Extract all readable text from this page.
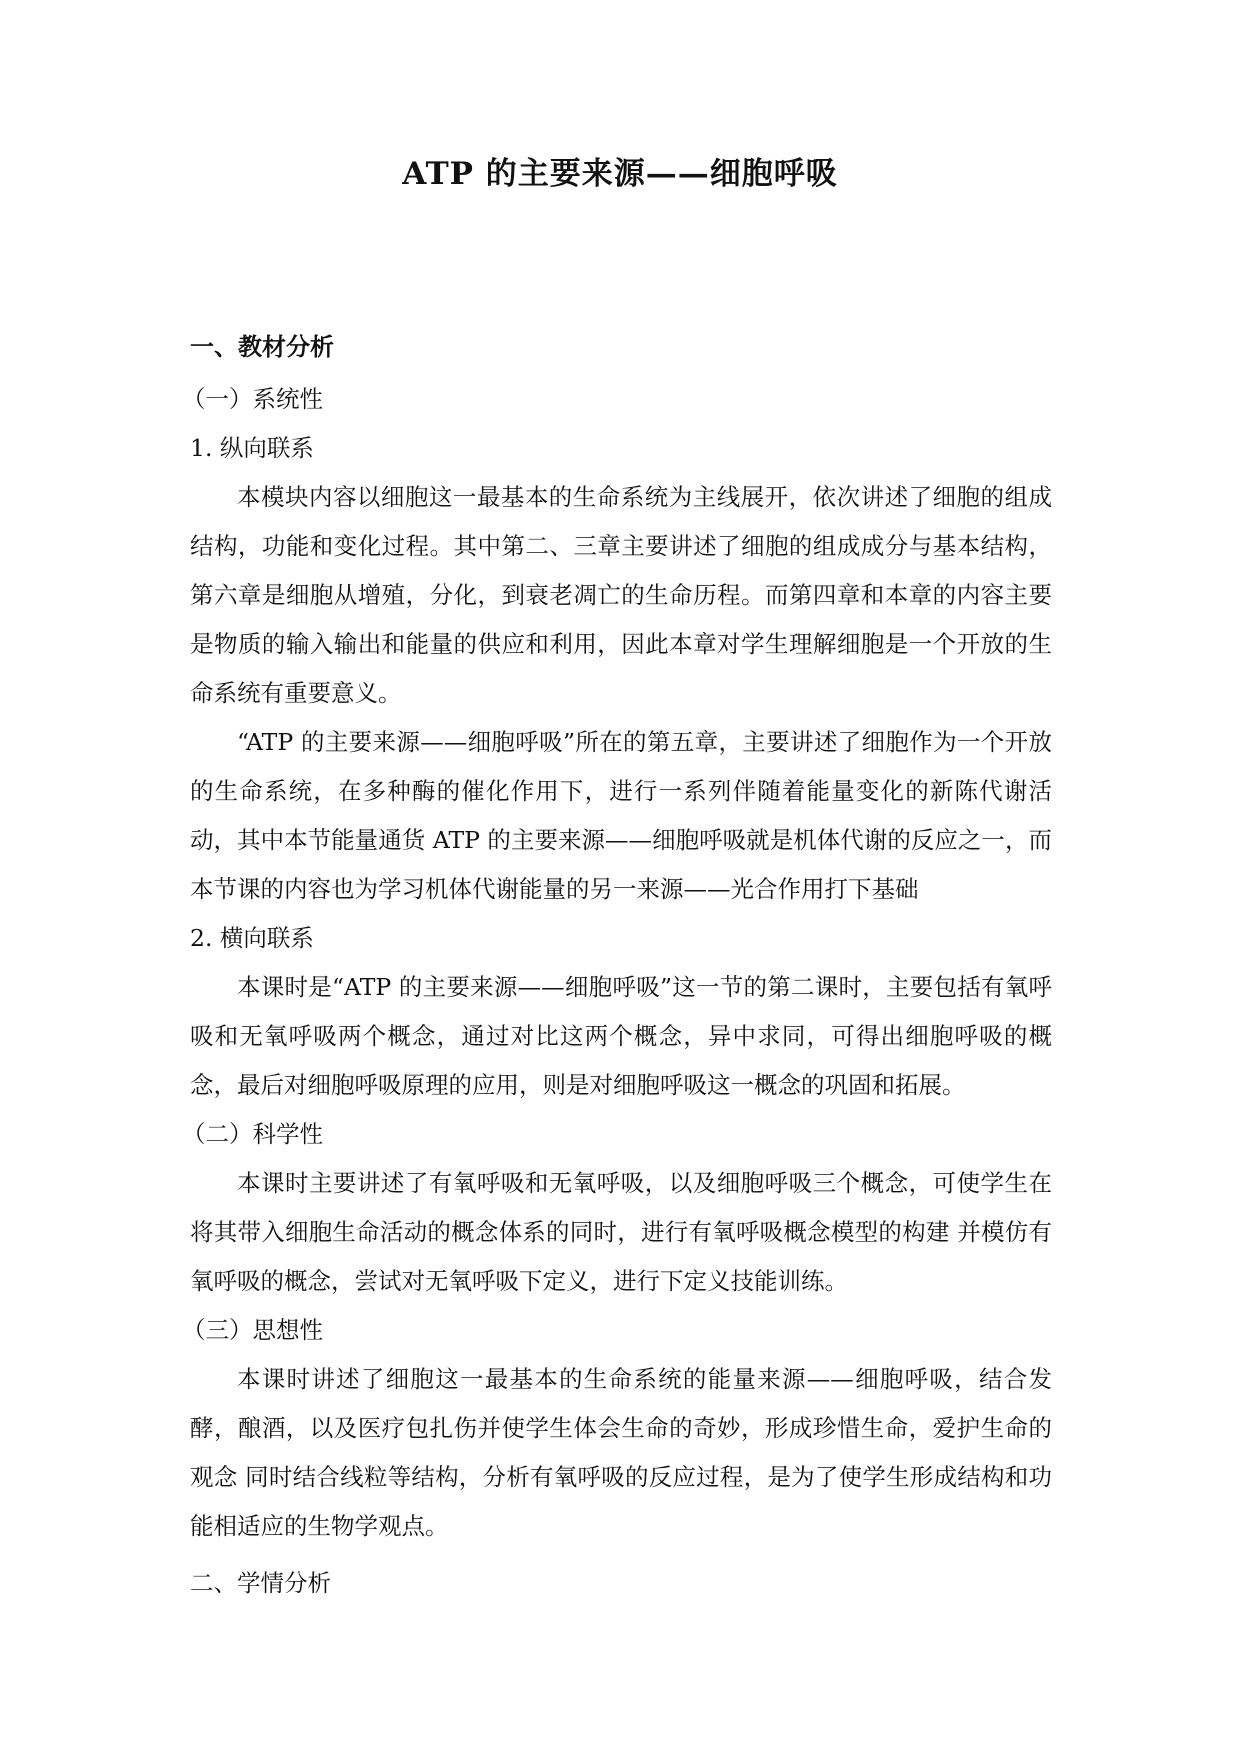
ATP 的主要来源——细胞呼吸

一、教材分析

（一）系统性

1. 纵向联系

本模块内容以细胞这一最基本的生命系统为主线展开，依次讲述了细胞的组成结构，功能和变化过程。其中第二、三章主要讲述了细胞的组成成分与基本结构，第六章是细胞从增殖，分化，到衰老凋亡的生命历程。而第四章和本章的内容主要是物质的输入输出和能量的供应和利用，因此本章对学生理解细胞是一个开放的生命系统有重要意义。

“ATP 的主要来源——细胞呼吸”所在的第五章，主要讲述了细胞作为一个开放的生命系统，在多种酶的催化作用下，进行一系列伴随着能量变化的新陈代谢活动，其中本节能量通货 ATP 的主要来源——细胞呼吸就是机体代谢的反应之一，而本节课的内容也为学习机体代谢能量的另一来源——光合作用打下基础

2. 横向联系

本课时是“ATP 的主要来源——细胞呼吸”这一节的第二课时，主要包括有氧呼吸和无氧呼吸两个概念，通过对比这两个概念，异中求同，可得出细胞呼吸的概念，最后对细胞呼吸原理的应用，则是对细胞呼吸这一概念的巩固和拓展。

（二）科学性

本课时主要讲述了有氧呼吸和无氧呼吸，以及细胞呼吸三个概念，可使学生在将其带入细胞生命活动的概念体系的同时，进行有氧呼吸概念模型的构建 并模仿有氧呼吸的概念，尝试对无氧呼吸下定义，进行下定义技能训练。

（三）思想性

本课时讲述了细胞这一最基本的生命系统的能量来源——细胞呼吸，结合发酵，酿酒，以及医疗包扎伤并使学生体会生命的奇妙，形成珍惜生命，爱护生命的观念 同时结合线粒等结构，分析有氧呼吸的反应过程，是为了使学生形成结构和功能相适应的生物学观点。

二、学情分析
